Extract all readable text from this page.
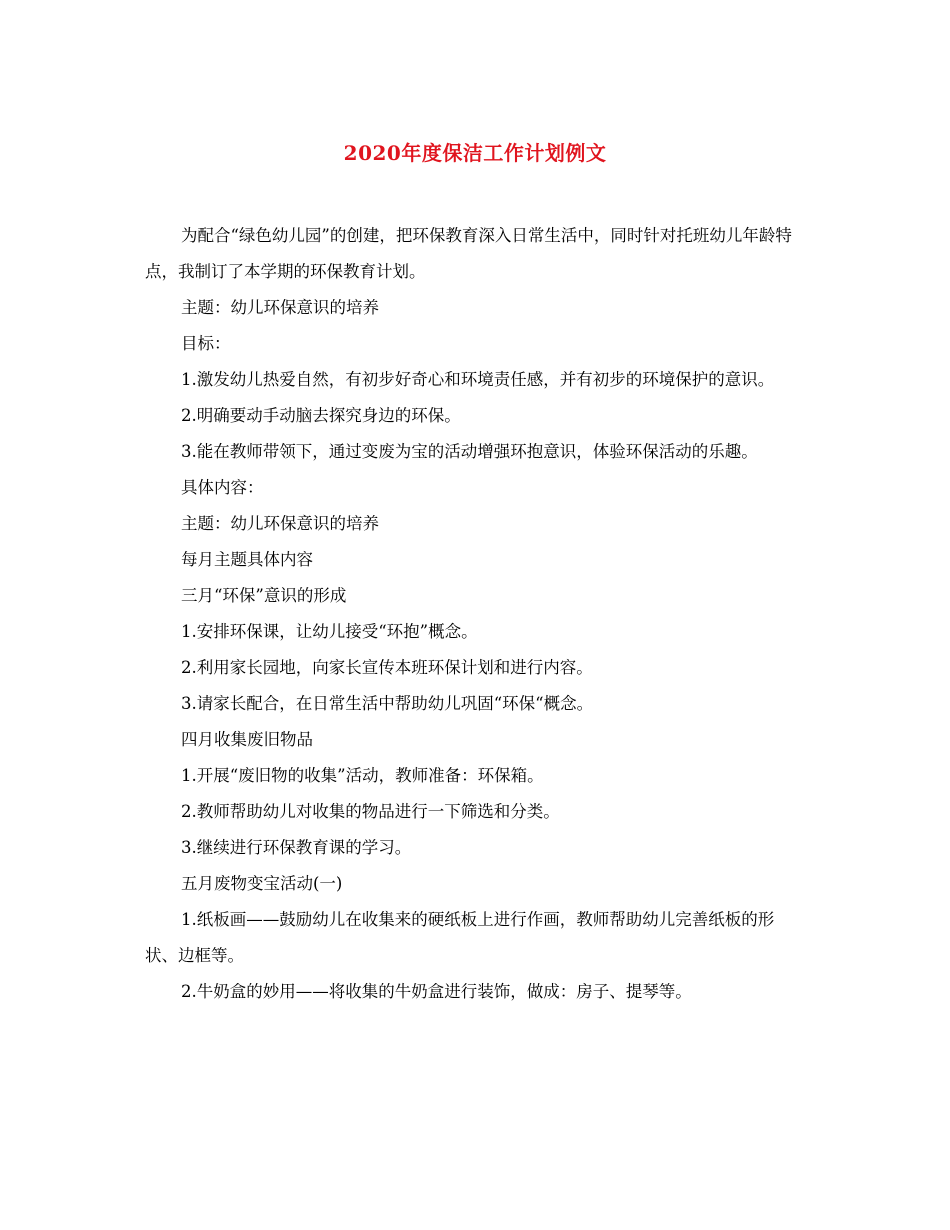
2020年度保洁工作计划例文

为配合“绿色幼儿园”的创建，把环保教育深入日常生活中，同时针对托班幼儿年龄特点，我制订了本学期的环保教育计划。

主题：幼儿环保意识的培养

目标：

1.激发幼儿热爱自然，有初步好奇心和环境责任感，并有初步的环境保护的意识。

2.明确要动手动脑去探究身边的环保。

3.能在教师带领下，通过变废为宝的活动增强环抱意识，体验环保活动的乐趣。

具体内容：

主题：幼儿环保意识的培养

每月主题具体内容

三月“环保”意识的形成

1.安排环保课，让幼儿接受“环抱”概念。

2.利用家长园地，向家长宣传本班环保计划和进行内容。

3.请家长配合，在日常生活中帮助幼儿巩固“环保“概念。

四月收集废旧物品

1.开展“废旧物的收集”活动，教师准备：环保箱。

2.教师帮助幼儿对收集的物品进行一下筛选和分类。

3.继续进行环保教育课的学习。

五月废物变宝活动(一)

1.纸板画——鼓励幼儿在收集来的硬纸板上进行作画，教师帮助幼儿完善纸板的形状、边框等。

2.牛奶盒的妙用——将收集的牛奶盒进行装饰，做成：房子、提琴等。
